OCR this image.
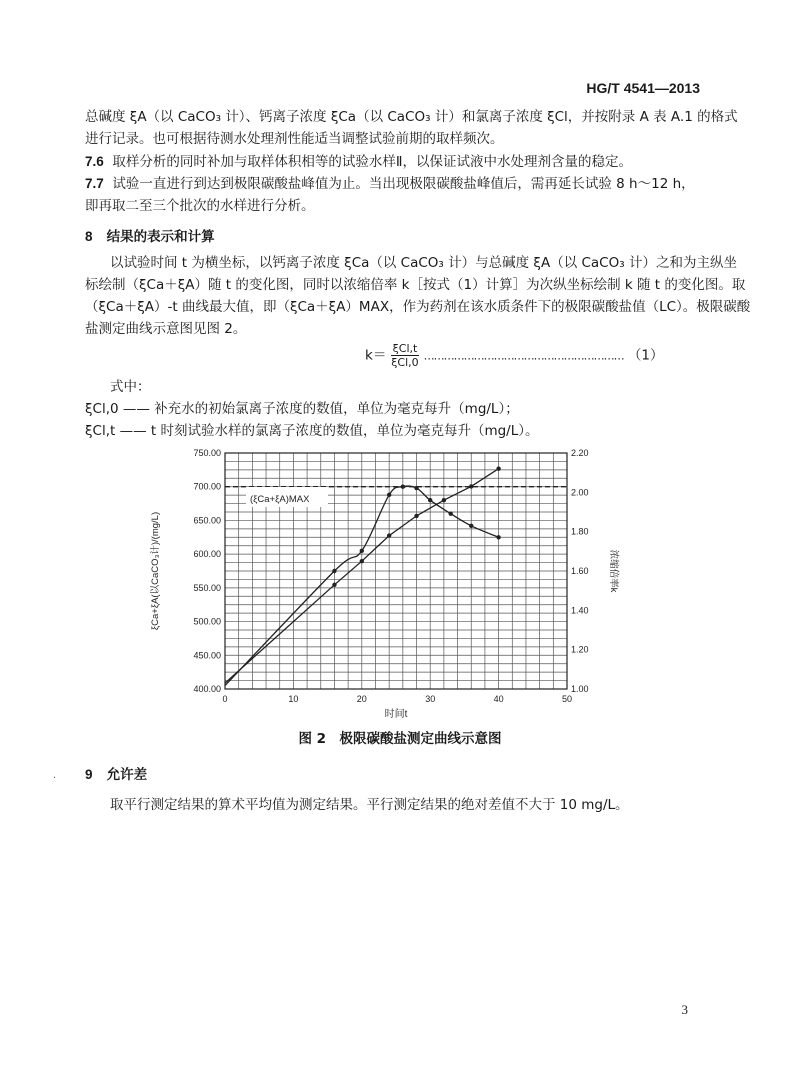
HG/T 4541—2013
总碱度 ξA（以 CaCO₃ 计）、钙离子浓度 ξCa（以 CaCO₃ 计）和氯离子浓度 ξCl，并按附录 A 表 A.1 的格式
进行记录。也可根据待测水处理剂性能适当调整试验前期的取样频次。
7.6 取样分析的同时补加与取样体积相等的试验水样Ⅱ，以保证试液中水处理剂含量的稳定。
7.7 试验一直进行到达到极限碳酸盐峰值为止。当出现极限碳酸盐峰值后，需再延长试验 8 h～12 h，
即再取二至三个批次的水样进行分析。
8 结果的表示和计算
以试验时间 t 为横坐标，以钙离子浓度 ξCa（以 CaCO₃ 计）与总碱度 ξA（以 CaCO₃ 计）之和为主纵坐
标绘制（ξCa＋ξA）随 t 的变化图，同时以浓缩倍率 k［按式（1）计算］为次纵坐标绘制 k 随 t 的变化图。取
（ξCa＋ξA）-t 曲线最大值，即（ξCa＋ξA）MAX，作为药剂在该水质条件下的极限碳酸盐值（LC）。极限碳酸
盐测定曲线示意图见图 2。
$k= \frac{\text{ξCl,t}}{\text{ξCl,0}}$ …………………………………………………… （1）
式中：
ξCl,0 —— 补充水的初始氯离子浓度的数值，单位为毫克每升（mg/L）；
ξCl,t —— t 时刻试验水样的氯离子浓度的数值，单位为毫克每升（mg/L）。
400.00
450.00
500.00
550.00
600.00
650.00
700.00
750.00
1.00
1.20
1.40
1.60
1.80
2.00
2.20
0	10	20	30	40	50
(ξCa+ξA)MAX
ξCa+ξA(以CaCO₃计)/(mg/L)	浓缩倍率k
时间t
图 2　极限碳酸盐测定曲线示意图
· 9 允许差
取平行测定结果的算术平均值为测定结果。平行测定结果的绝对差值不大于 10 mg/L。
3
